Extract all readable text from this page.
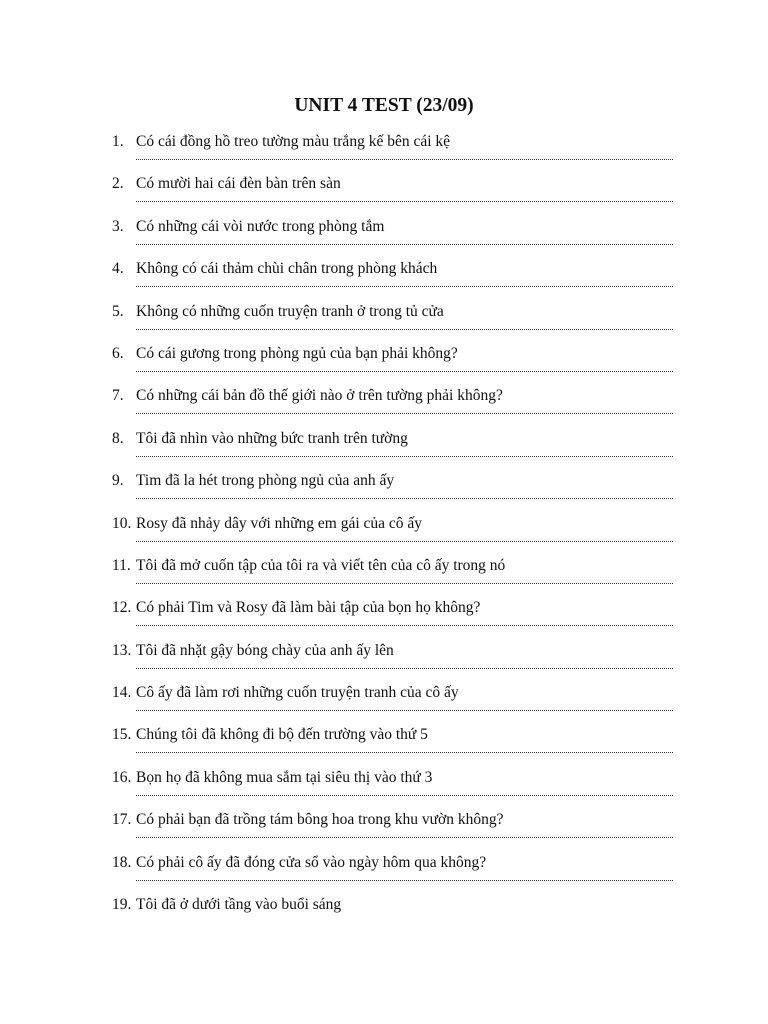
UNIT 4 TEST (23/09)
1. Có cái đồng hồ treo tường màu trắng kế bên cái kệ
2. Có mười hai cái đèn bàn trên sàn
3. Có những cái vòi nước trong phòng tắm
4. Không có cái thảm chùi chân trong phòng khách
5. Không có những cuốn truyện tranh ở trong tủ cửa
6. Có cái gương trong phòng ngủ của bạn phải không?
7. Có những cái bản đồ thế giới nào ở trên tường phải không?
8. Tôi đã nhìn vào những bức tranh trên tường
9. Tim đã la hét trong phòng ngủ của anh ấy
10. Rosy đã nhảy dây với những em gái của cô ấy
11. Tôi đã mở cuốn tập của tôi ra và viết tên của cô ấy trong nó
12. Có phải Tim và Rosy đã làm bài tập của bọn họ không?
13. Tôi đã nhặt gậy bóng chày của anh ấy lên
14. Cô ấy đã làm rơi những cuốn truyện tranh của cô ấy
15. Chúng tôi đã không đi bộ đến trường vào thứ 5
16. Bọn họ đã không mua sắm tại siêu thị vào thứ 3
17. Có phải bạn đã trồng tám bông hoa trong khu vườn không?
18. Có phải cô ấy đã đóng cửa sổ vào ngày hôm qua không?
19. Tôi đã ở dưới tầng vào buổi sáng
